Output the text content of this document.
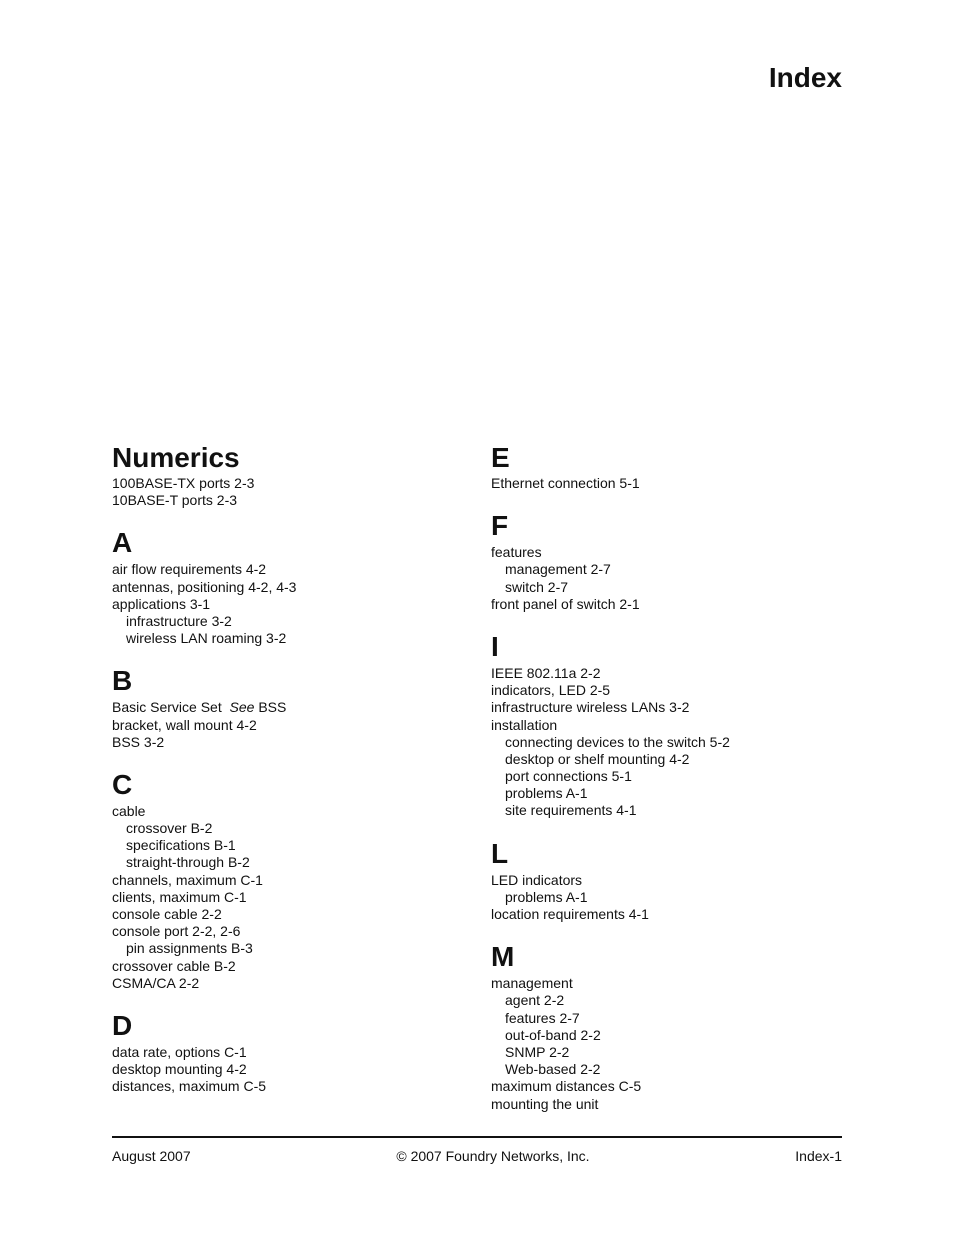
Index
Numerics
100BASE-TX ports 2-3
10BASE-T ports 2-3
A
air flow requirements 4-2
antennas, positioning 4-2, 4-3
applications 3-1
infrastructure 3-2
wireless LAN roaming 3-2
B
Basic Service Set See BSS
bracket, wall mount 4-2
BSS 3-2
C
cable
crossover B-2
specifications B-1
straight-through B-2
channels, maximum C-1
clients, maximum C-1
console cable 2-2
console port 2-2, 2-6
pin assignments B-3
crossover cable B-2
CSMA/CA 2-2
D
data rate, options C-1
desktop mounting 4-2
distances, maximum C-5
E
Ethernet connection 5-1
F
features
management 2-7
switch 2-7
front panel of switch 2-1
I
IEEE 802.11a 2-2
indicators, LED 2-5
infrastructure wireless LANs 3-2
installation
connecting devices to the switch 5-2
desktop or shelf mounting 4-2
port connections 5-1
problems A-1
site requirements 4-1
L
LED indicators
problems A-1
location requirements 4-1
M
management
agent 2-2
features 2-7
out-of-band 2-2
SNMP 2-2
Web-based 2-2
maximum distances C-5
mounting the unit
August 2007	© 2007 Foundry Networks, Inc.	Index-1
